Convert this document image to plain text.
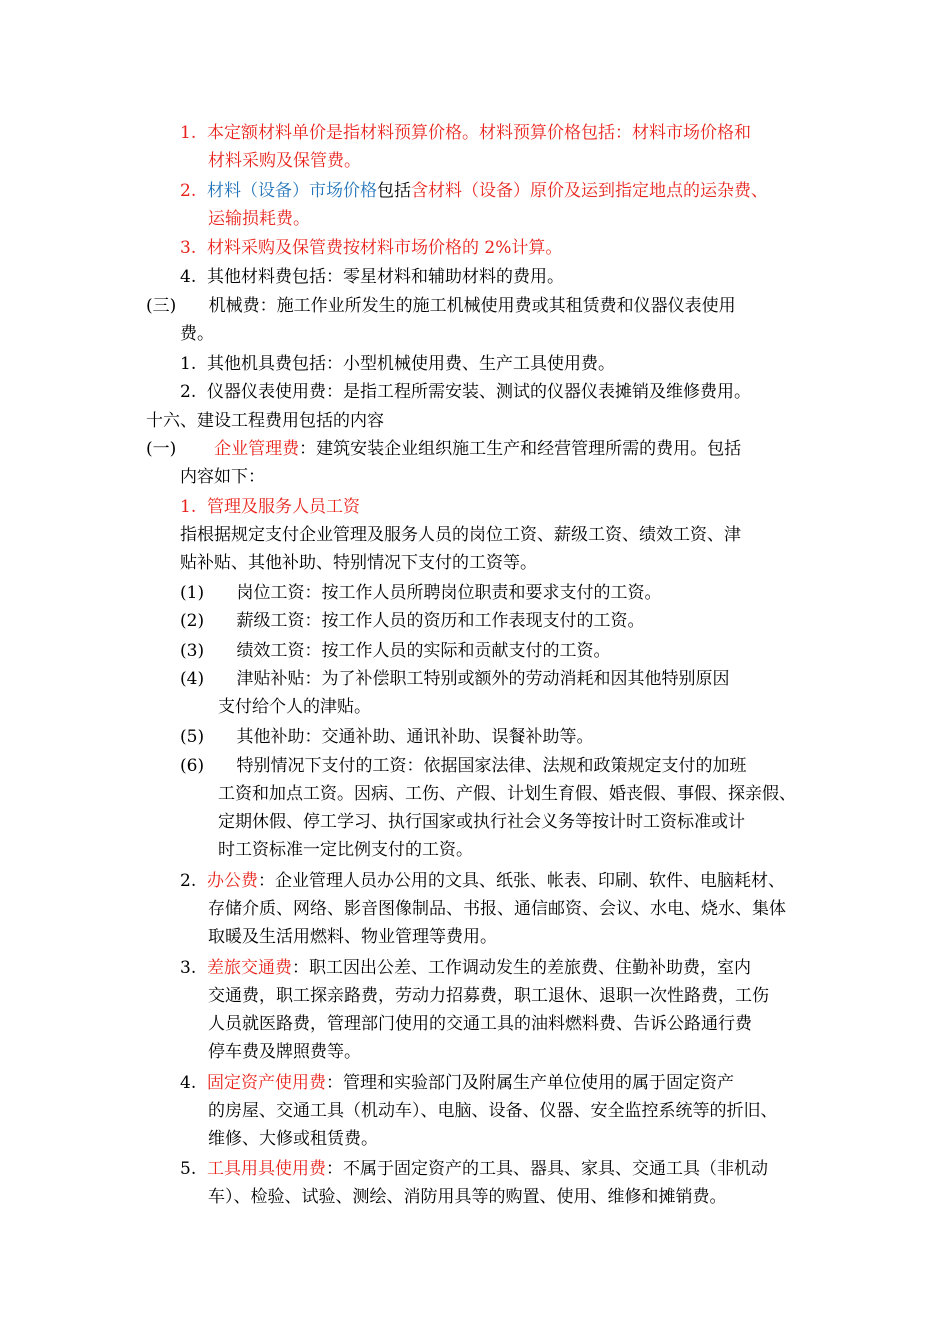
1.  本定额材料单价是指材料预算价格。材料预算价格包括：材料市场价格和
材料采购及保管费。
2.  材料（设备）市场价格包括含材料（设备）原价及运到指定地点的运杂费、
运输损耗费。
3.  材料采购及保管费按材料市场价格的 2%计算。
4.  其他材料费包括：零星材料和辅助材料的费用。
(三)      机械费：施工作业所发生的施工机械使用费或其租赁费和仪器仪表使用
费。
1.  其他机具费包括：小型机械使用费、生产工具使用费。
2.  仪器仪表使用费：是指工程所需安装、测试的仪器仪表摊销及维修费用。
十六、建设工程费用包括的内容
(一)       企业管理费：建筑安装企业组织施工生产和经营管理所需的费用。包括
内容如下：
1.  管理及服务人员工资
指根据规定支付企业管理及服务人员的岗位工资、薪级工资、绩效工资、津
贴补贴、其他补助、特别情况下支付的工资等。
(1)      岗位工资：按工作人员所聘岗位职责和要求支付的工资。
(2)      薪级工资：按工作人员的资历和工作表现支付的工资。
(3)      绩效工资：按工作人员的实际和贡献支付的工资。
(4)      津贴补贴：为了补偿职工特别或额外的劳动消耗和因其他特别原因
支付给个人的津贴。
(5)      其他补助：交通补助、通讯补助、误餐补助等。
(6)      特别情况下支付的工资：依据国家法律、法规和政策规定支付的加班
工资和加点工资。因病、工伤、产假、计划生育假、婚丧假、事假、探亲假、
定期休假、停工学习、执行国家或执行社会义务等按计时工资标准或计
时工资标准一定比例支付的工资。
2.  办公费：企业管理人员办公用的文具、纸张、帐表、印刷、软件、电脑耗材、
存储介质、网络、影音图像制品、书报、通信邮资、会议、水电、烧水、集体
取暖及生活用燃料、物业管理等费用。
3.  差旅交通费：职工因出公差、工作调动发生的差旅费、住勤补助费，室内
交通费，职工探亲路费，劳动力招募费，职工退休、退职一次性路费，工伤
人员就医路费，管理部门使用的交通工具的油料燃料费、告诉公路通行费
停车费及牌照费等。
4.  固定资产使用费：管理和实验部门及附属生产单位使用的属于固定资产
的房屋、交通工具（机动车）、电脑、设备、仪器、安全监控系统等的折旧、
维修、大修或租赁费。
5.  工具用具使用费：不属于固定资产的工具、器具、家具、交通工具（非机动
车）、检验、试验、测绘、消防用具等的购置、使用、维修和摊销费。
